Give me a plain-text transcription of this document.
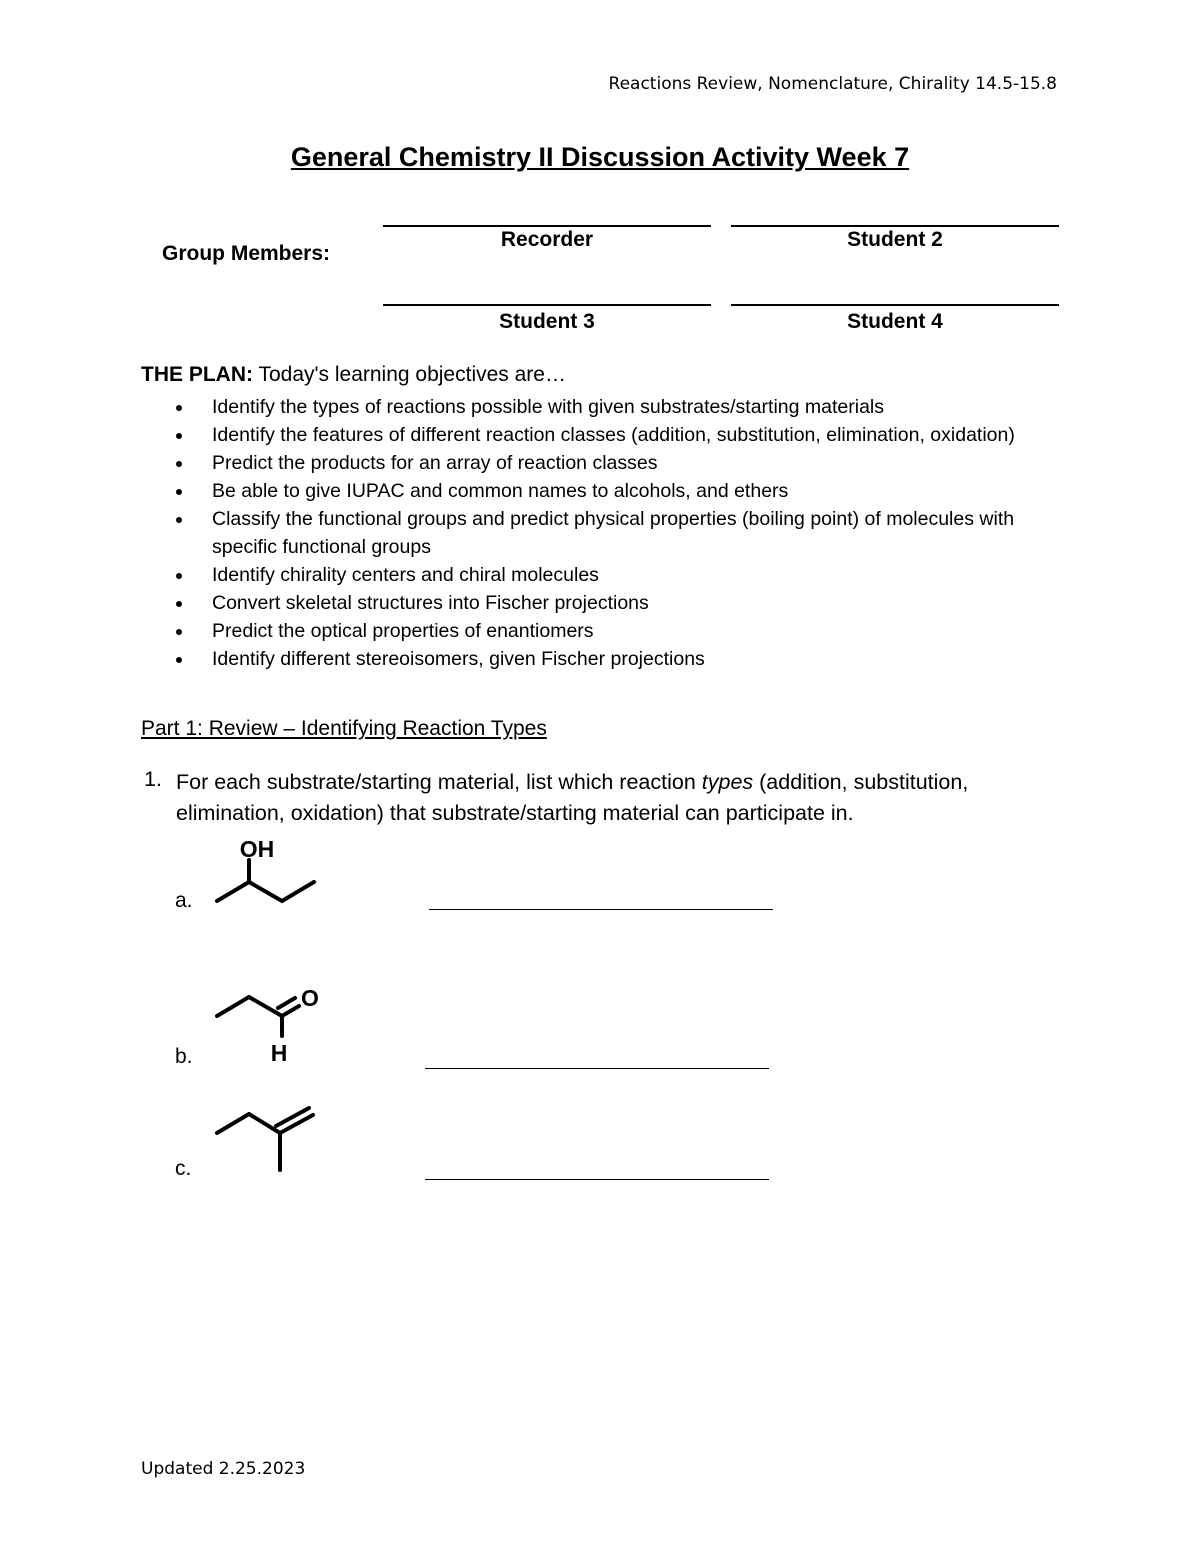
Reactions Review, Nomenclature, Chirality 14.5-15.8
General Chemistry II Discussion Activity Week 7
Group Members:
Recorder	Student 2
Student 3	Student 4
THE PLAN: Today's learning objectives are…
Identify the types of reactions possible with given substrates/starting materials
Identify the features of different reaction classes (addition, substitution, elimination, oxidation)
Predict the products for an array of reaction classes
Be able to give IUPAC and common names to alcohols, and ethers
Classify the functional groups and predict physical properties (boiling point) of molecules with specific functional groups
Identify chirality centers and chiral molecules
Convert skeletal structures into Fischer projections
Predict the optical properties of enantiomers
Identify different stereoisomers, given Fischer projections
Part 1: Review – Identifying Reaction Types
1. For each substrate/starting material, list which reaction types (addition, substitution, elimination, oxidation) that substrate/starting material can participate in.
a.
OH
b.
O
H
c.
Updated 2.25.2023
